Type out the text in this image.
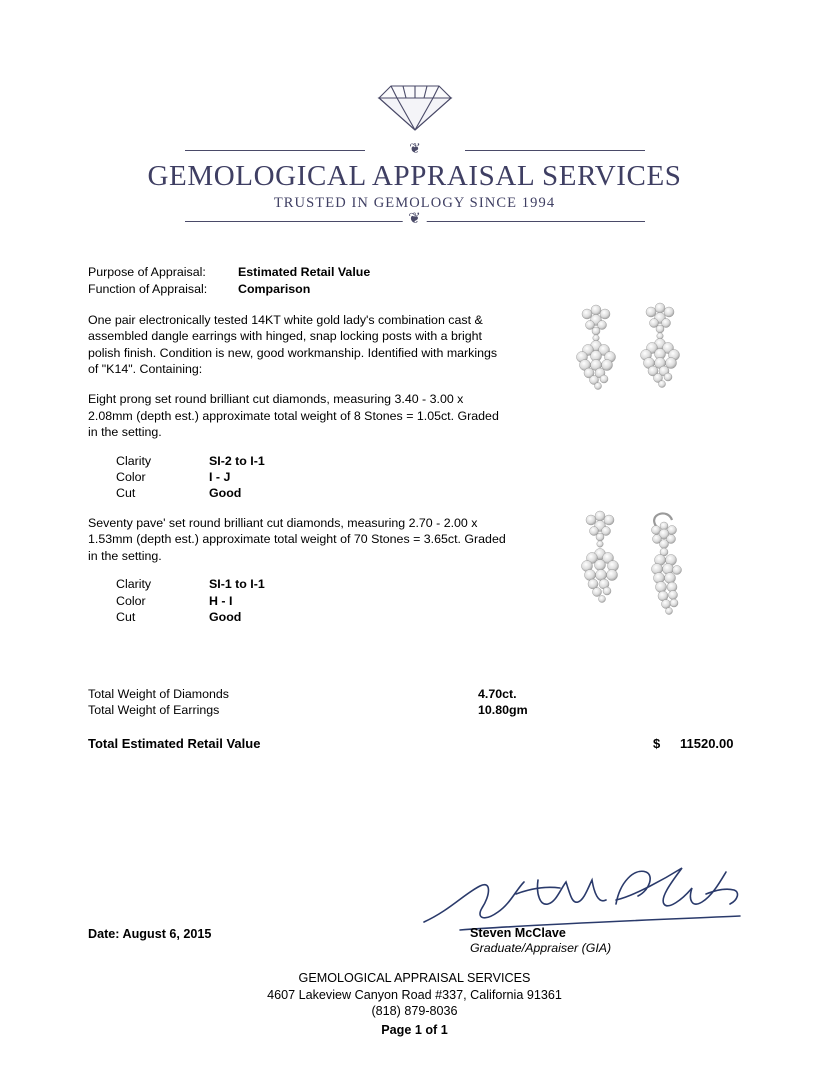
❦
GEMOLOGICAL APPRAISAL SERVICES
TRUSTED IN GEMOLOGY SINCE 1994
❦
Purpose of Appraisal:	Estimated Retail Value
Function of Appraisal:	Comparison
One pair electronically tested 14KT white gold lady's combination cast & assembled dangle earrings with hinged, snap locking posts with a bright polish finish. Condition is new, good workmanship. Identified with markings of "K14". Containing:
Eight prong set round brilliant cut diamonds, measuring 3.40 - 3.00 x 2.08mm (depth est.) approximate total weight of 8 Stones = 1.05ct. Graded in the setting.
Clarity	SI-2 to I-1
Color	I - J
Cut	Good
Seventy pave' set round brilliant cut diamonds, measuring 2.70 - 2.00 x 1.53mm (depth est.) approximate total weight of 70 Stones = 3.65ct. Graded in the setting.
Clarity	SI-1 to I-1
Color	H - I
Cut	Good
Total Weight of Diamonds	4.70ct.
Total Weight of Earrings	10.80gm
Total Estimated Retail Value	$ 11520.00
Steven McClave
Graduate/Appraiser (GIA)
Date: August 6, 2015
GEMOLOGICAL APPRAISAL SERVICES
4607 Lakeview Canyon Road #337, California 91361
(818) 879-8036
Page 1 of 1
